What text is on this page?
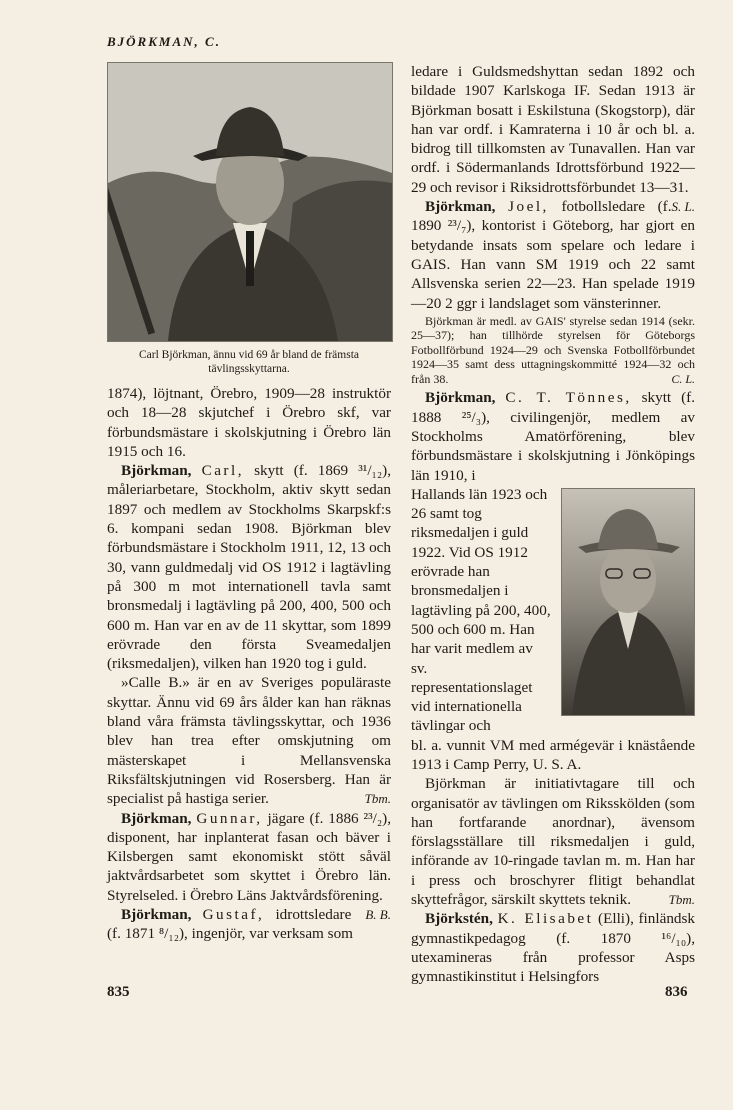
BJÖRKMAN, C.
Carl Björkman, ännu vid 69 år bland de främsta tävlingsskyttarna.

1874), löjtnant, Örebro, 1909—28 instruktör och 18—28 skjutchef i Örebro skf, var förbundsmästare i skolskjutning i Örebro län 1915 och 16.

Björkman, Carl, skytt (f. 1869 ³¹/₁₂), måleriarbetare, Stockholm, aktiv skytt sedan 1897 och medlem av Stockholms Skarpskf:s 6. kompani sedan 1908. Björkman blev förbundsmästare i Stockholm 1911, 12, 13 och 30, vann guldmedalj vid OS 1912 i lagtävling på 300 m mot internationell tavla samt bronsmedalj i lagtävling på 200, 400, 500 och 600 m. Han var en av de 11 skyttar, som 1899 erövrade den första Sveamedaljen (riksmedaljen), vilken han 1920 tog i guld.

»Calle B.» är en av Sveriges populäraste skyttar. Ännu vid 69 års ålder kan han räknas bland våra främsta tävlingsskyttar, och 1936 blev han trea efter omskjutning om mästerskapet i Mellansvenska Riksfältskjutningen vid Rosersberg. Han är specialist på hastiga serier.	Tbm.

Björkman, Gunnar, jägare (f. 1886 ²³/₂), disponent, har inplanterat fasan och bäver i Kilsbergen samt ekonomiskt stött såväl jaktvårdsarbetet som skyttet i Örebro län. Styrelseled. i Örebro Läns Jaktvårdsförening.
B. B.

Björkman, Gustaf, idrottsledare (f. 1871 ⁸/₁₂), ingenjör, var verksam som

ledare i Guldsmedshyttan sedan 1892 och bildade 1907 Karlskoga IF. Sedan 1913 är Björkman bosatt i Eskilstuna (Skogstorp), där han var ordf. i Kamraterna i 10 år och bl. a. bidrog till tillkomsten av Tunavallen. Han var ordf. i Södermanlands Idrottsförbund 1922—29 och revisor i Riksidrottsförbundet 13—31.
S. L.

Björkman, Joel, fotbollsledare (f. 1890 ²³/₇), kontorist i Göteborg, har gjort en betydande insats som spelare och ledare i GAIS. Han vann SM 1919 och 22 samt Allsvenska serien 22—23. Han spelade 1919—20 2 ggr i landslaget som vänsterinner.

Björkman är medl. av GAIS' styrelse sedan 1914 (sekr. 25—37); han tillhörde styrelsen för Göteborgs Fotbollförbund 1924—29 och Svenska Fotbollförbundet 1924—35 samt dess uttagningskommitté 1924—32 och från 38.	C. L.

Björkman, C. T. Tönnes, skytt (f. 1888 ²⁵/₃), civilingenjör, medlem av Stockholms Amatörförening, blev förbundsmästare i skolskjutning i Jönköpings län 1910, i

Hallands län 1923 och 26 samt tog riksmedaljen i guld 1922. Vid OS 1912 erövrade han bronsmedaljen i lagtävling på 200, 400, 500 och 600 m. Han har varit medlem av sv. representationslaget vid internationella tävlingar och

bl. a. vunnit VM med armégevär i knästående 1913 i Camp Perry, U. S. A.

Björkman är initiativtagare till och organisatör av tävlingen om Riksskölden (som han fortfarande anordnar), ävensom förslagsställare till riksmedaljen i guld, införande av 10-ringade tavlan m. m. Han har i press och broschyrer flitigt behandlat skyttefrågor, särskilt skyttets teknik.	Tbm.

Björkstén, K. Elisabet (Elli), finländsk gymnastikpedagog (f. 1870 ¹⁶/₁₀), utexamineras från professor Asps gymnastikinstitut i Helsingfors

835	836
